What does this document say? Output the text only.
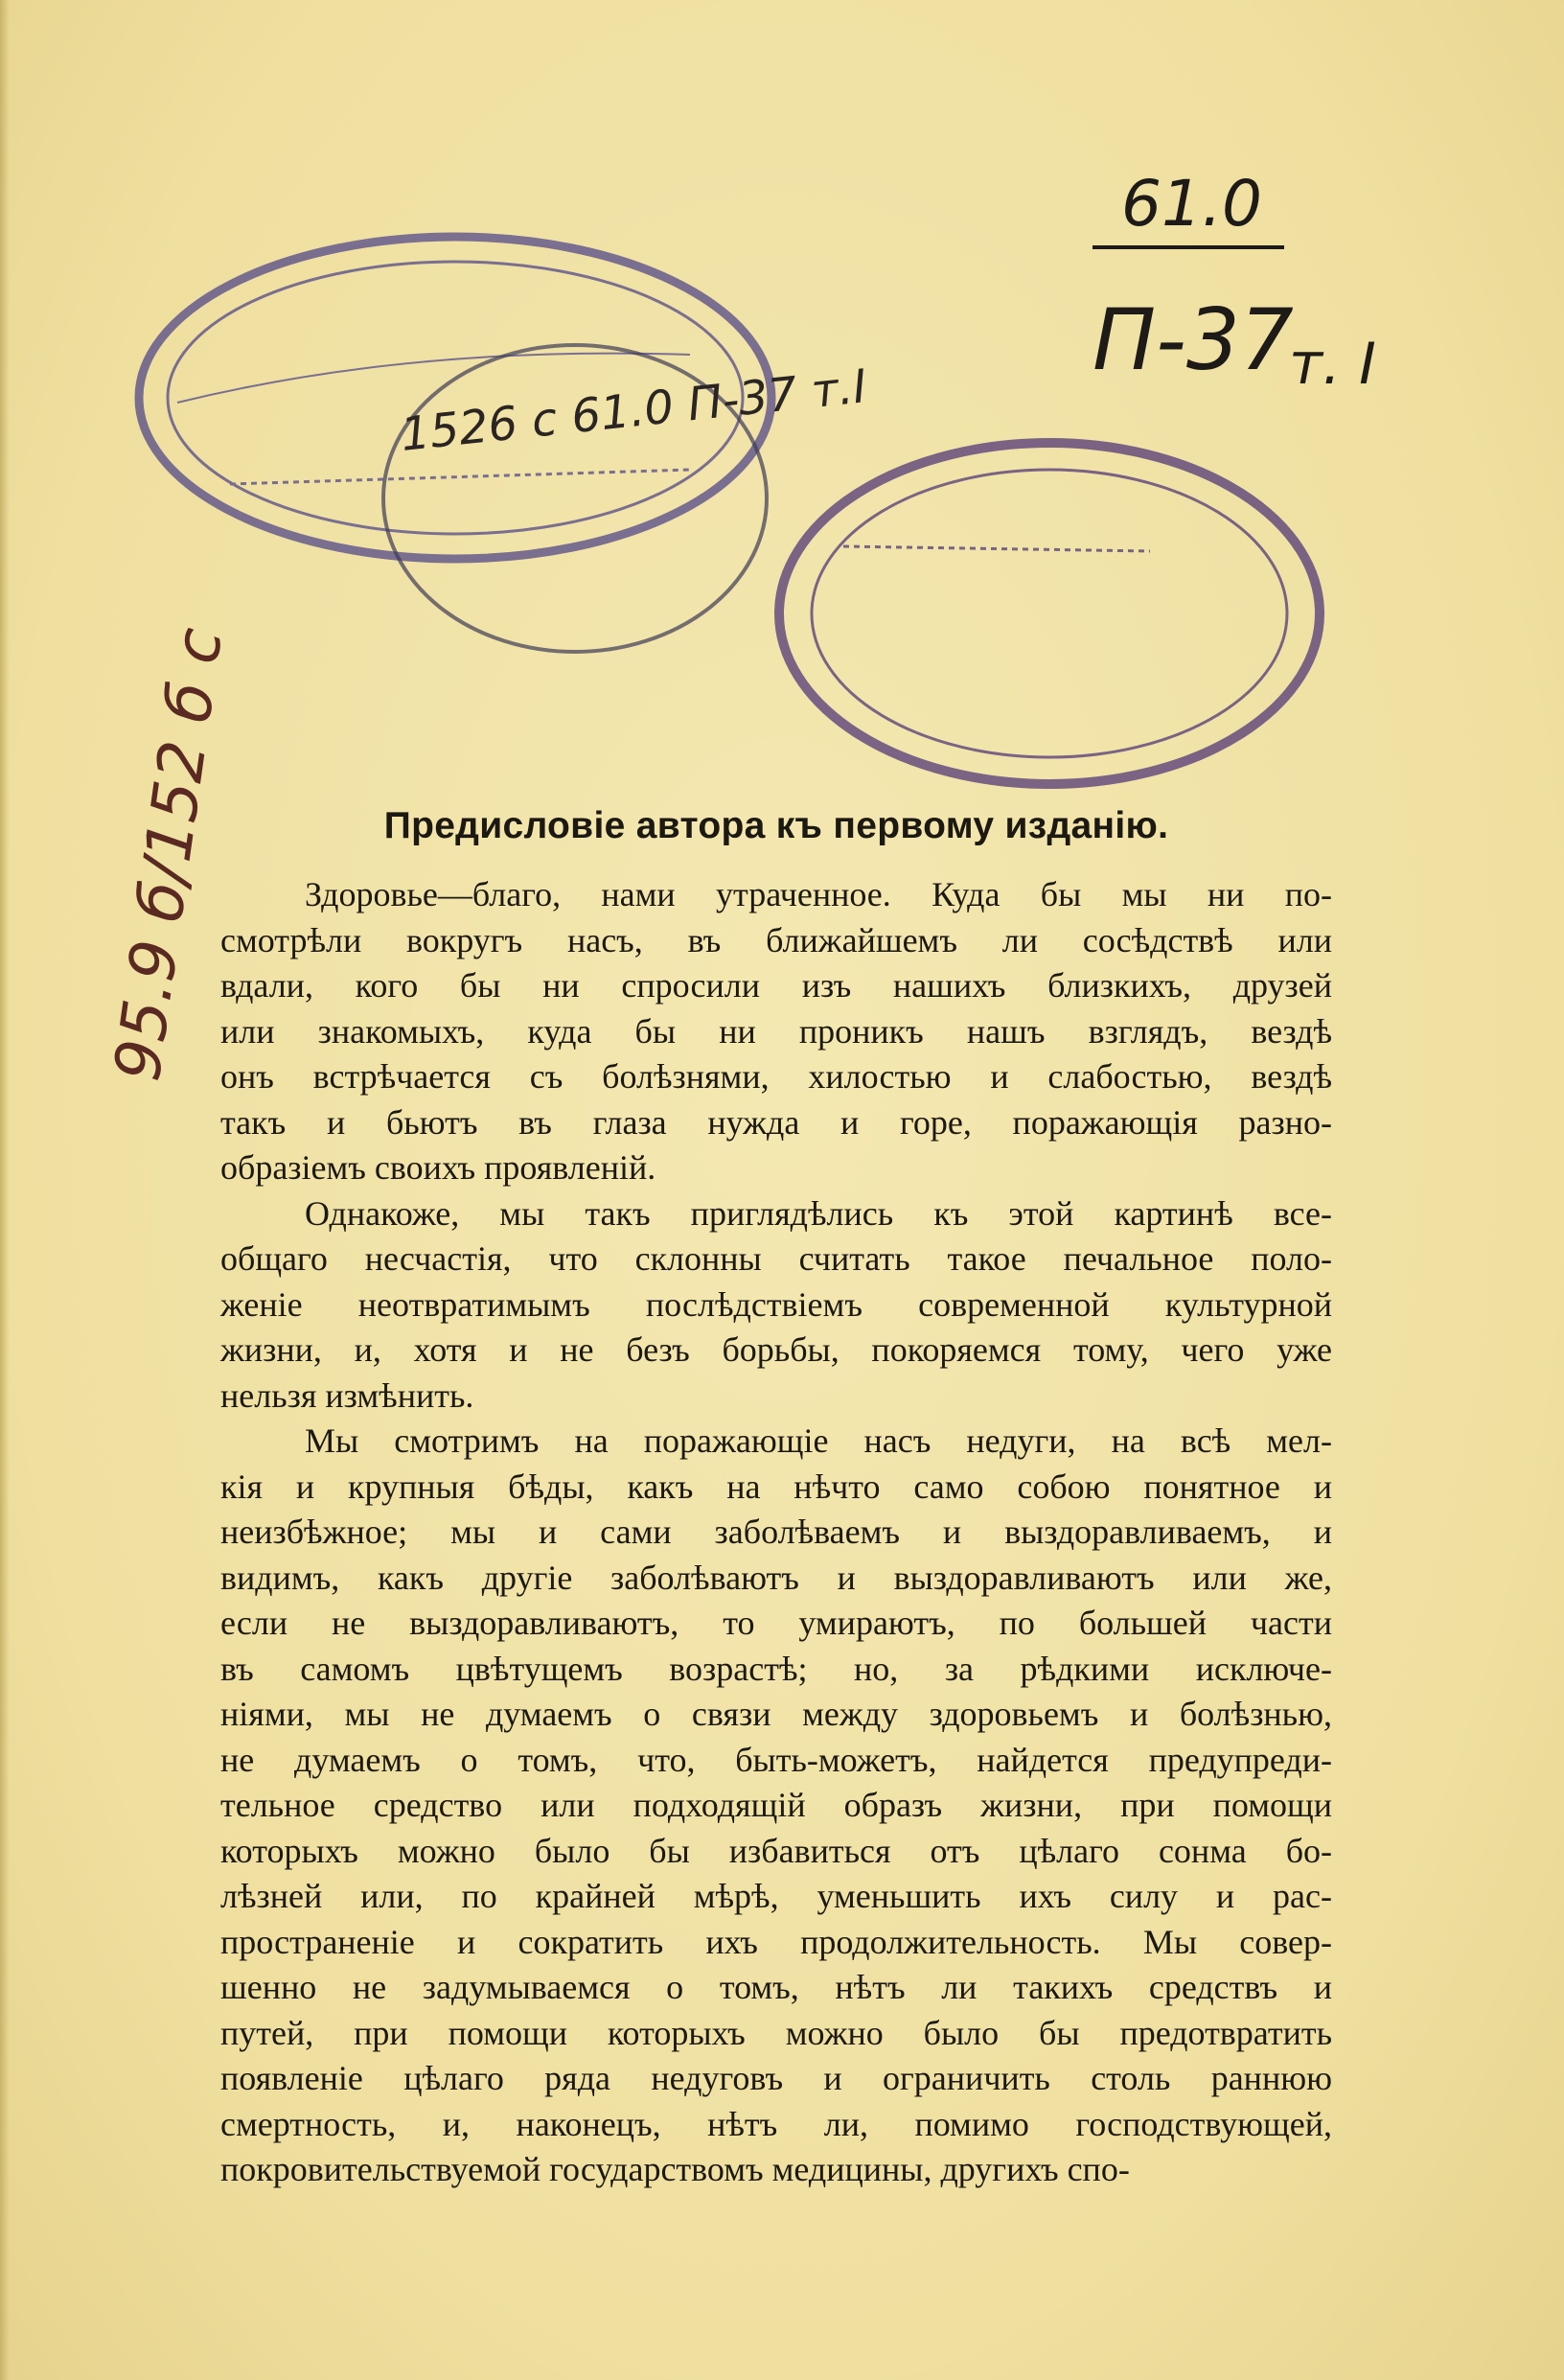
61.0
П-37
т. I
1526 с 61.0 П-37 т.I
95.9 б/152 б с	Предисловіе автора къ первому изданію.
Здоровье—благо, нами утраченное. Куда бы мы ни по-
смотрѣли вокругъ насъ, въ ближайшемъ ли сосѣдствѣ или
вдали, кого бы ни спросили изъ нашихъ близкихъ, друзей
или знакомыхъ, куда бы ни проникъ нашъ взглядъ, вездѣ
онъ встрѣчается съ болѣзнями, хилостью и слабостью, вездѣ
такъ и бьютъ въ глаза нужда и горе, поражающія разно-
образіемъ своихъ проявленій.
Однакоже, мы такъ приглядѣлись къ этой картинѣ все-
общаго несчастія, что склонны считать такое печальное поло-
женіе неотвратимымъ послѣдствіемъ современной культурной
жизни, и, хотя и не безъ борьбы, покоряемся тому, чего уже
нельзя измѣнить.
Мы смотримъ на поражающіе насъ недуги, на всѣ мел-
кія и крупныя бѣды, какъ на нѣчто само собою понятное и
неизбѣжное; мы и сами заболѣваемъ и выздоравливаемъ, и
видимъ, какъ другіе заболѣваютъ и выздоравливаютъ или же,
если не выздоравливаютъ, то умираютъ, по большей части
въ самомъ цвѣтущемъ возрастѣ; но, за рѣдкими исключе-
ніями, мы не думаемъ о связи между здоровьемъ и болѣзнью,
не думаемъ о томъ, что, быть-можетъ, найдется предупреди-
тельное средство или подходящій образъ жизни, при помощи
которыхъ можно было бы избавиться отъ цѣлаго сонма бо-
лѣзней или, по крайней мѣрѣ, уменьшить ихъ силу и рас-
пространеніе и сократить ихъ продолжительность. Мы совер-
шенно не задумываемся о томъ, нѣтъ ли такихъ средствъ и
путей, при помощи которыхъ можно было бы предотвратить
появленіе цѣлаго ряда недуговъ и ограничить столь раннюю
смертность, и, наконецъ, нѣтъ ли, помимо господствующей,
покровительствуемой государствомъ медицины, другихъ спо-
